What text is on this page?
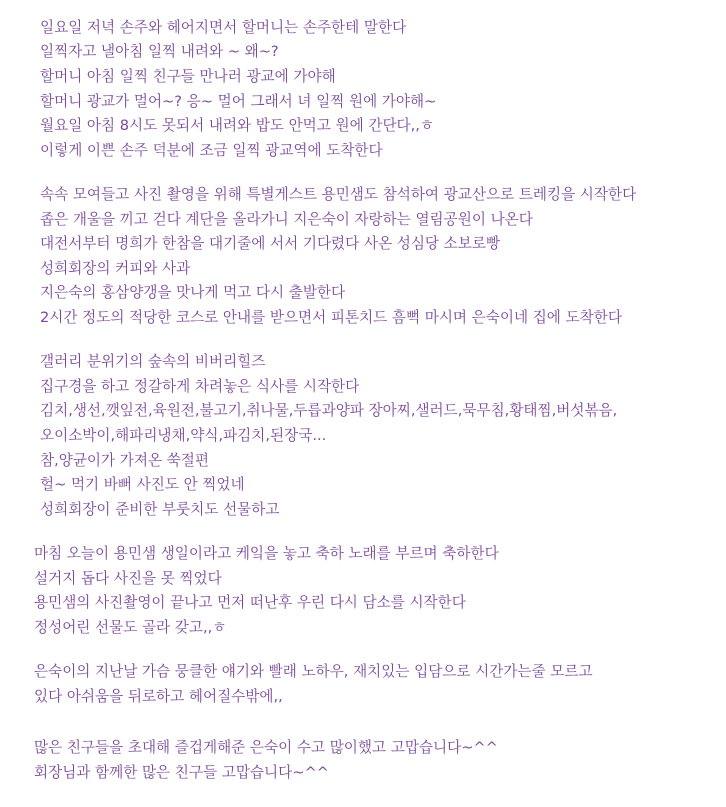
일요일 저녁 손주와 헤어지면서 할머니는 손주한테 말한다
일찍자고 낼아침 일찍 내려와 ~ 왜~?
할머니 아침 일찍 친구들 만나러 광교에 가야해
할머니 광교가 멀어~? 응~ 멀어 그래서 녀 일찍 원에 가야해~
월요일 아침 8시도 못되서 내려와 밥도 안먹고 원에 간단다,,ㅎ
이렇게 이쁜 손주 덕분에 조금 일찍 광교역에 도착한다
속속 모여들고 사진 촬영을 위해 특별게스트 용민샘도 참석하여 광교산으로 트레킹을 시작한다
좁은 개울을 끼고 걷다 계단을 올라가니 지은숙이 자랑하는 열림공원이 나온다
대전서부터 명희가 한참을 대기줄에 서서 기다렸다 사온 성심당 소보로빵
성희회장의 커피와 사과
지은숙의 홍삼양갱을 맛나게 먹고 다시 출발한다
2시간 정도의 적당한 코스로 안내를 받으면서 피톤치드 흠뻑 마시며 은숙이네 집에 도착한다
갤러리 분위기의 숲속의 비버리힐즈
집구경을 하고 정갈하게 차려놓은 식사를 시작한다
김치,생선,깻잎전,육원전,불고기,취나물,두릅과양파 장아찌,샐러드,묵무침,황태찜,버섯볶음,
오이소박이,해파리냉채,약식,파김치,된장국...
참,양균이가 가져온 쑥절편
헐~ 먹기 바뻐 사진도 안 찍었네
성희회장이 준비한 부룻치도 선물하고
마침 오늘이 용민샘 생일이라고 케잌을 놓고 축하 노래를 부르며 축하한다
설거지 돕다 사진을 못 찍었다
용민샘의 사진촬영이 끝나고 먼저 떠난후 우린 다시 담소를 시작한다
정성어린 선물도 골라 갖고,,ㅎ
은숙이의 지난날 가슴 뭉클한 얘기와 빨래 노하우, 재치있는 입담으로 시간가는줄 모르고
있다 아쉬움을 뒤로하고 헤어질수밖에,,
많은 친구들을 초대해 즐겁게해준 은숙이 수고 많이했고 고맙습니다~^^
회장님과 함께한 많은 친구들 고맙습니다~^^
